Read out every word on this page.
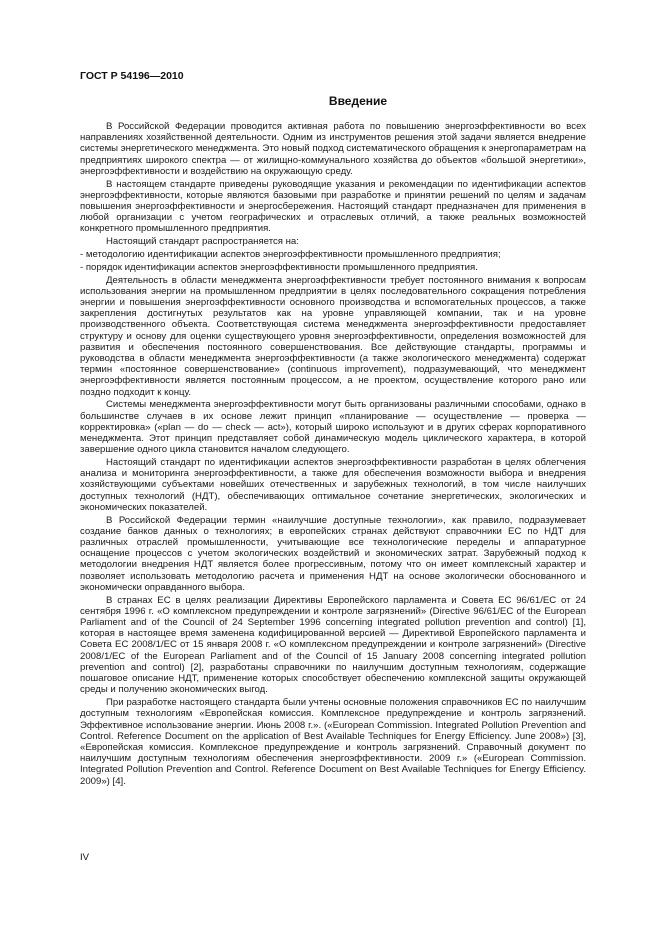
ГОСТ Р 54196—2010
Введение

В Российской Федерации проводится активная работа по повышению энергоэффективности во всех направлениях хозяйственной деятельности. Одним из инструментов решения этой задачи является внедрение системы энергетического менеджмента. Это новый подход систематического обращения к энергопараметрам на предприятиях широкого спектра — от жилищно-коммунального хозяйства до объектов «большой энергетики», энергоэффективности и воздействию на окружающую среду.

В настоящем стандарте приведены руководящие указания и рекомендации по идентификации аспектов энергоэффективности, которые являются базовыми при разработке и принятии решений по целям и задачам повышения энергоэффективности и энергосбережения. Настоящий стандарт предназначен для применения в любой организации с учетом географических и отраслевых отличий, а также реальных возможностей конкретного промышленного предприятия.

Настоящий стандарт распространяется на:

- методологию идентификации аспектов энергоэффективности промышленного предприятия;

- порядок идентификации аспектов энергоэффективности промышленного предприятия.

Деятельность в области менеджмента энергоэффективности требует постоянного внимания к вопросам использования энергии на промышленном предприятии в целях последовательного сокращения потребления энергии и повышения энергоэффективности основного производства и вспомогательных процессов, а также закрепления достигнутых результатов как на уровне управляющей компании, так и на уровне производственного объекта. Соответствующая система менеджмента энергоэффективности предоставляет структуру и основу для оценки существующего уровня энергоэффективности, определения возможностей для развития и обеспечения постоянного совершенствования. Все действующие стандарты, программы и руководства в области менеджмента энергоэффективности (а также экологического менеджмента) содержат термин «постоянное совершенствование» (continuous improvement), подразумевающий, что менеджмент энергоэффективности является постоянным процессом, а не проектом, осуществление которого рано или поздно подходит к концу.

Системы менеджмента энергоэффективности могут быть организованы различными способами, однако в большинстве случаев в их основе лежит принцип «планирование — осуществление — проверка — корректировка» («plan — do — check — act»), который широко используют и в других сферах корпоративного менеджмента. Этот принцип представляет собой динамическую модель циклического характера, в которой завершение одного цикла становится началом следующего.

Настоящий стандарт по идентификации аспектов энергоэффективности разработан в целях облегчения анализа и мониторинга энергоэффективности, а также для обеспечения возможности выбора и внедрения хозяйствующими субъектами новейших отечественных и зарубежных технологий, в том числе наилучших доступных технологий (НДТ), обеспечивающих оптимальное сочетание энергетических, экологических и экономических показателей.

В Российской Федерации термин «наилучшие доступные технологии», как правило, подразумевает создание банков данных о технологиях; в европейских странах действуют справочники ЕС по НДТ для различных отраслей промышленности, учитывающие все технологические переделы и аппаратурное оснащение процессов с учетом экологических воздействий и экономических затрат. Зарубежный подход к методологии внедрения НДТ является более прогрессивным, потому что он имеет комплексный характер и позволяет использовать методологию расчета и применения НДТ на основе экологически обоснованного и экономически оправданного выбора.

В странах ЕС в целях реализации Директивы Европейского парламента и Совета ЕС 96/61/ЕС от 24 сентября 1996 г. «О комплексном предупреждении и контроле загрязнений» (Directive 96/61/EC of the European Parliament and of the Council of 24 September 1996 concerning integrated pollution prevention and control) [1], которая в настоящее время заменена кодифицированной версией — Директивой Европейского парламента и Совета ЕС 2008/1/ЕС от 15 января 2008 г. «О комплексном предупреждении и контроле загрязнений» (Directive 2008/1/EC of the European Parliament and of the Council of 15 January 2008 concerning integrated pollution prevention and control) [2], разработаны справочники по наилучшим доступным технологиям, содержащие пошаговое описание НДТ, применение которых способствует обеспечению комплексной защиты окружающей среды и получению экономических выгод.

При разработке настоящего стандарта были учтены основные положения справочников ЕС по наилучшим доступным технологиям «Европейская комиссия. Комплексное предупреждение и контроль загрязнений. Эффективное использование энергии. Июнь 2008 г.». («European Commission. Integrated Pollution Prevention and Control. Reference Document on the application of Best Available Techniques for Energy Efficiency. June 2008») [3], «Европейская комиссия. Комплексное предупреждение и контроль загрязнений. Справочный документ по наилучшим доступным технологиям обеспечения энергоэффективности. 2009 г.» («European Commission. Integrated Pollution Prevention and Control. Reference Document on Best Available Techniques for Energy Efficiency. 2009») [4].

IV
